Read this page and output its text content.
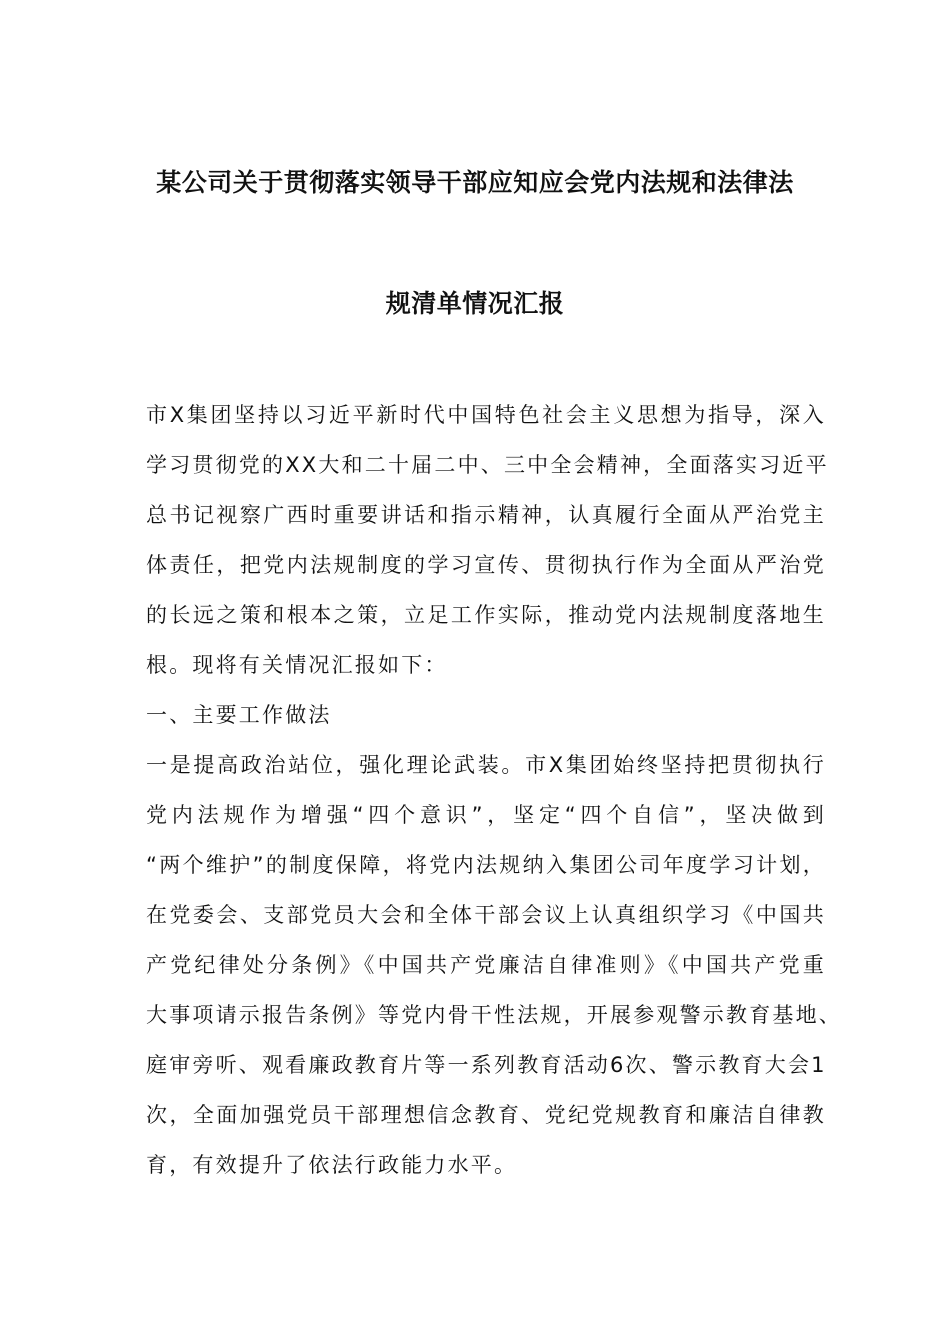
某公司关于贯彻落实领导干部应知应会党内法规和法律法
规清单情况汇报
市X集团坚持以习近平新时代中国特色社会主义思想为指导，深入
学习贯彻党的XX大和二十届二中、三中全会精神，全面落实习近平
总书记视察广西时重要讲话和指示精神，认真履行全面从严治党主
体责任，把党内法规制度的学习宣传、贯彻执行作为全面从严治党
的长远之策和根本之策，立足工作实际，推动党内法规制度落地生
根。现将有关情况汇报如下：
一、主要工作做法
一是提高政治站位，强化理论武装。市X集团始终坚持把贯彻执行
党内法规作为增强“四个意识”，坚定“四个自信”，坚决做到
“两个维护”的制度保障，将党内法规纳入集团公司年度学习计划，
在党委会、支部党员大会和全体干部会议上认真组织学习《中国共
产党纪律处分条例》《中国共产党廉洁自律准则》《中国共产党重
大事项请示报告条例》等党内骨干性法规，开展参观警示教育基地、
庭审旁听、观看廉政教育片等一系列教育活动6次、警示教育大会1
次，全面加强党员干部理想信念教育、党纪党规教育和廉洁自律教
育，有效提升了依法行政能力水平。
